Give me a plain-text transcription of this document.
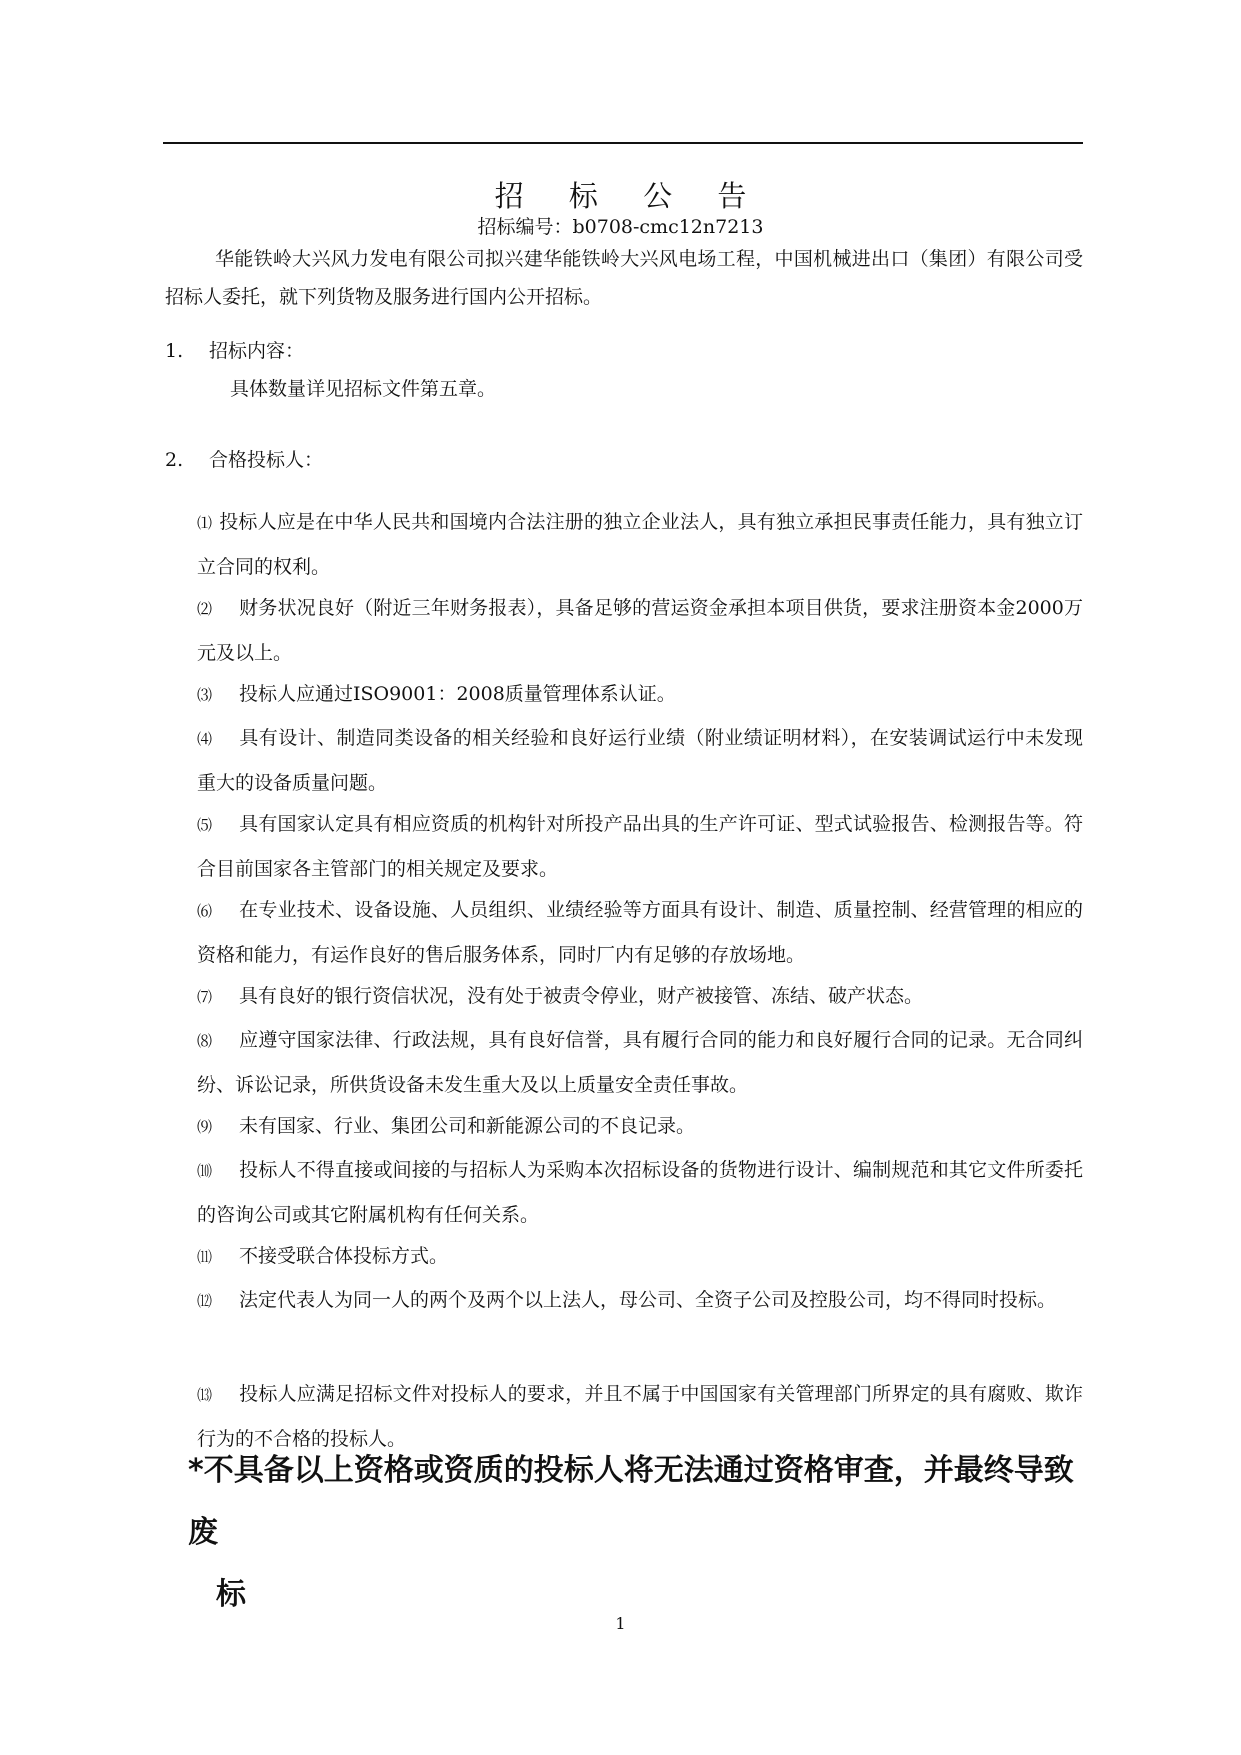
招 标 公 告
招标编号：b0708-cmc12n7213
华能铁岭大兴风力发电有限公司拟兴建华能铁岭大兴风电场工程，中国机械进出口（集团）有限公司受招标人委托，就下列货物及服务进行国内公开招标。
1. 招标内容：
具体数量详见招标文件第五章。
2. 合格投标人：
⑴ 投标人应是在中华人民共和国境内合法注册的独立企业法人，具有独立承担民事责任能力，具有独立订立合同的权利。
⑵ 财务状况良好（附近三年财务报表），具备足够的营运资金承担本项目供货，要求注册资本金2000万元及以上。
⑶ 投标人应通过ISO9001：2008质量管理体系认证。
⑷ 具有设计、制造同类设备的相关经验和良好运行业绩（附业绩证明材料），在安装调试运行中未发现重大的设备质量问题。
⑸ 具有国家认定具有相应资质的机构针对所投产品出具的生产许可证、型式试验报告、检测报告等。符合目前国家各主管部门的相关规定及要求。
⑹ 在专业技术、设备设施、人员组织、业绩经验等方面具有设计、制造、质量控制、经营管理的相应的资格和能力，有运作良好的售后服务体系，同时厂内有足够的存放场地。
⑺ 具有良好的银行资信状况，没有处于被责令停业，财产被接管、冻结、破产状态。
⑻ 应遵守国家法律、行政法规，具有良好信誉，具有履行合同的能力和良好履行合同的记录。无合同纠纷、诉讼记录，所供货设备未发生重大及以上质量安全责任事故。
⑼ 未有国家、行业、集团公司和新能源公司的不良记录。
⑽ 投标人不得直接或间接的与招标人为采购本次招标设备的货物进行设计、编制规范和其它文件所委托的咨询公司或其它附属机构有任何关系。
⑾ 不接受联合体投标方式。
⑿ 法定代表人为同一人的两个及两个以上法人，母公司、全资子公司及控股公司，均不得同时投标。
⒀ 投标人应满足招标文件对投标人的要求，并且不属于中国国家有关管理部门所界定的具有腐败、欺诈行为的不合格的投标人。
*不具备以上资格或资质的投标人将无法通过资格审查，并最终导致废
标
1
